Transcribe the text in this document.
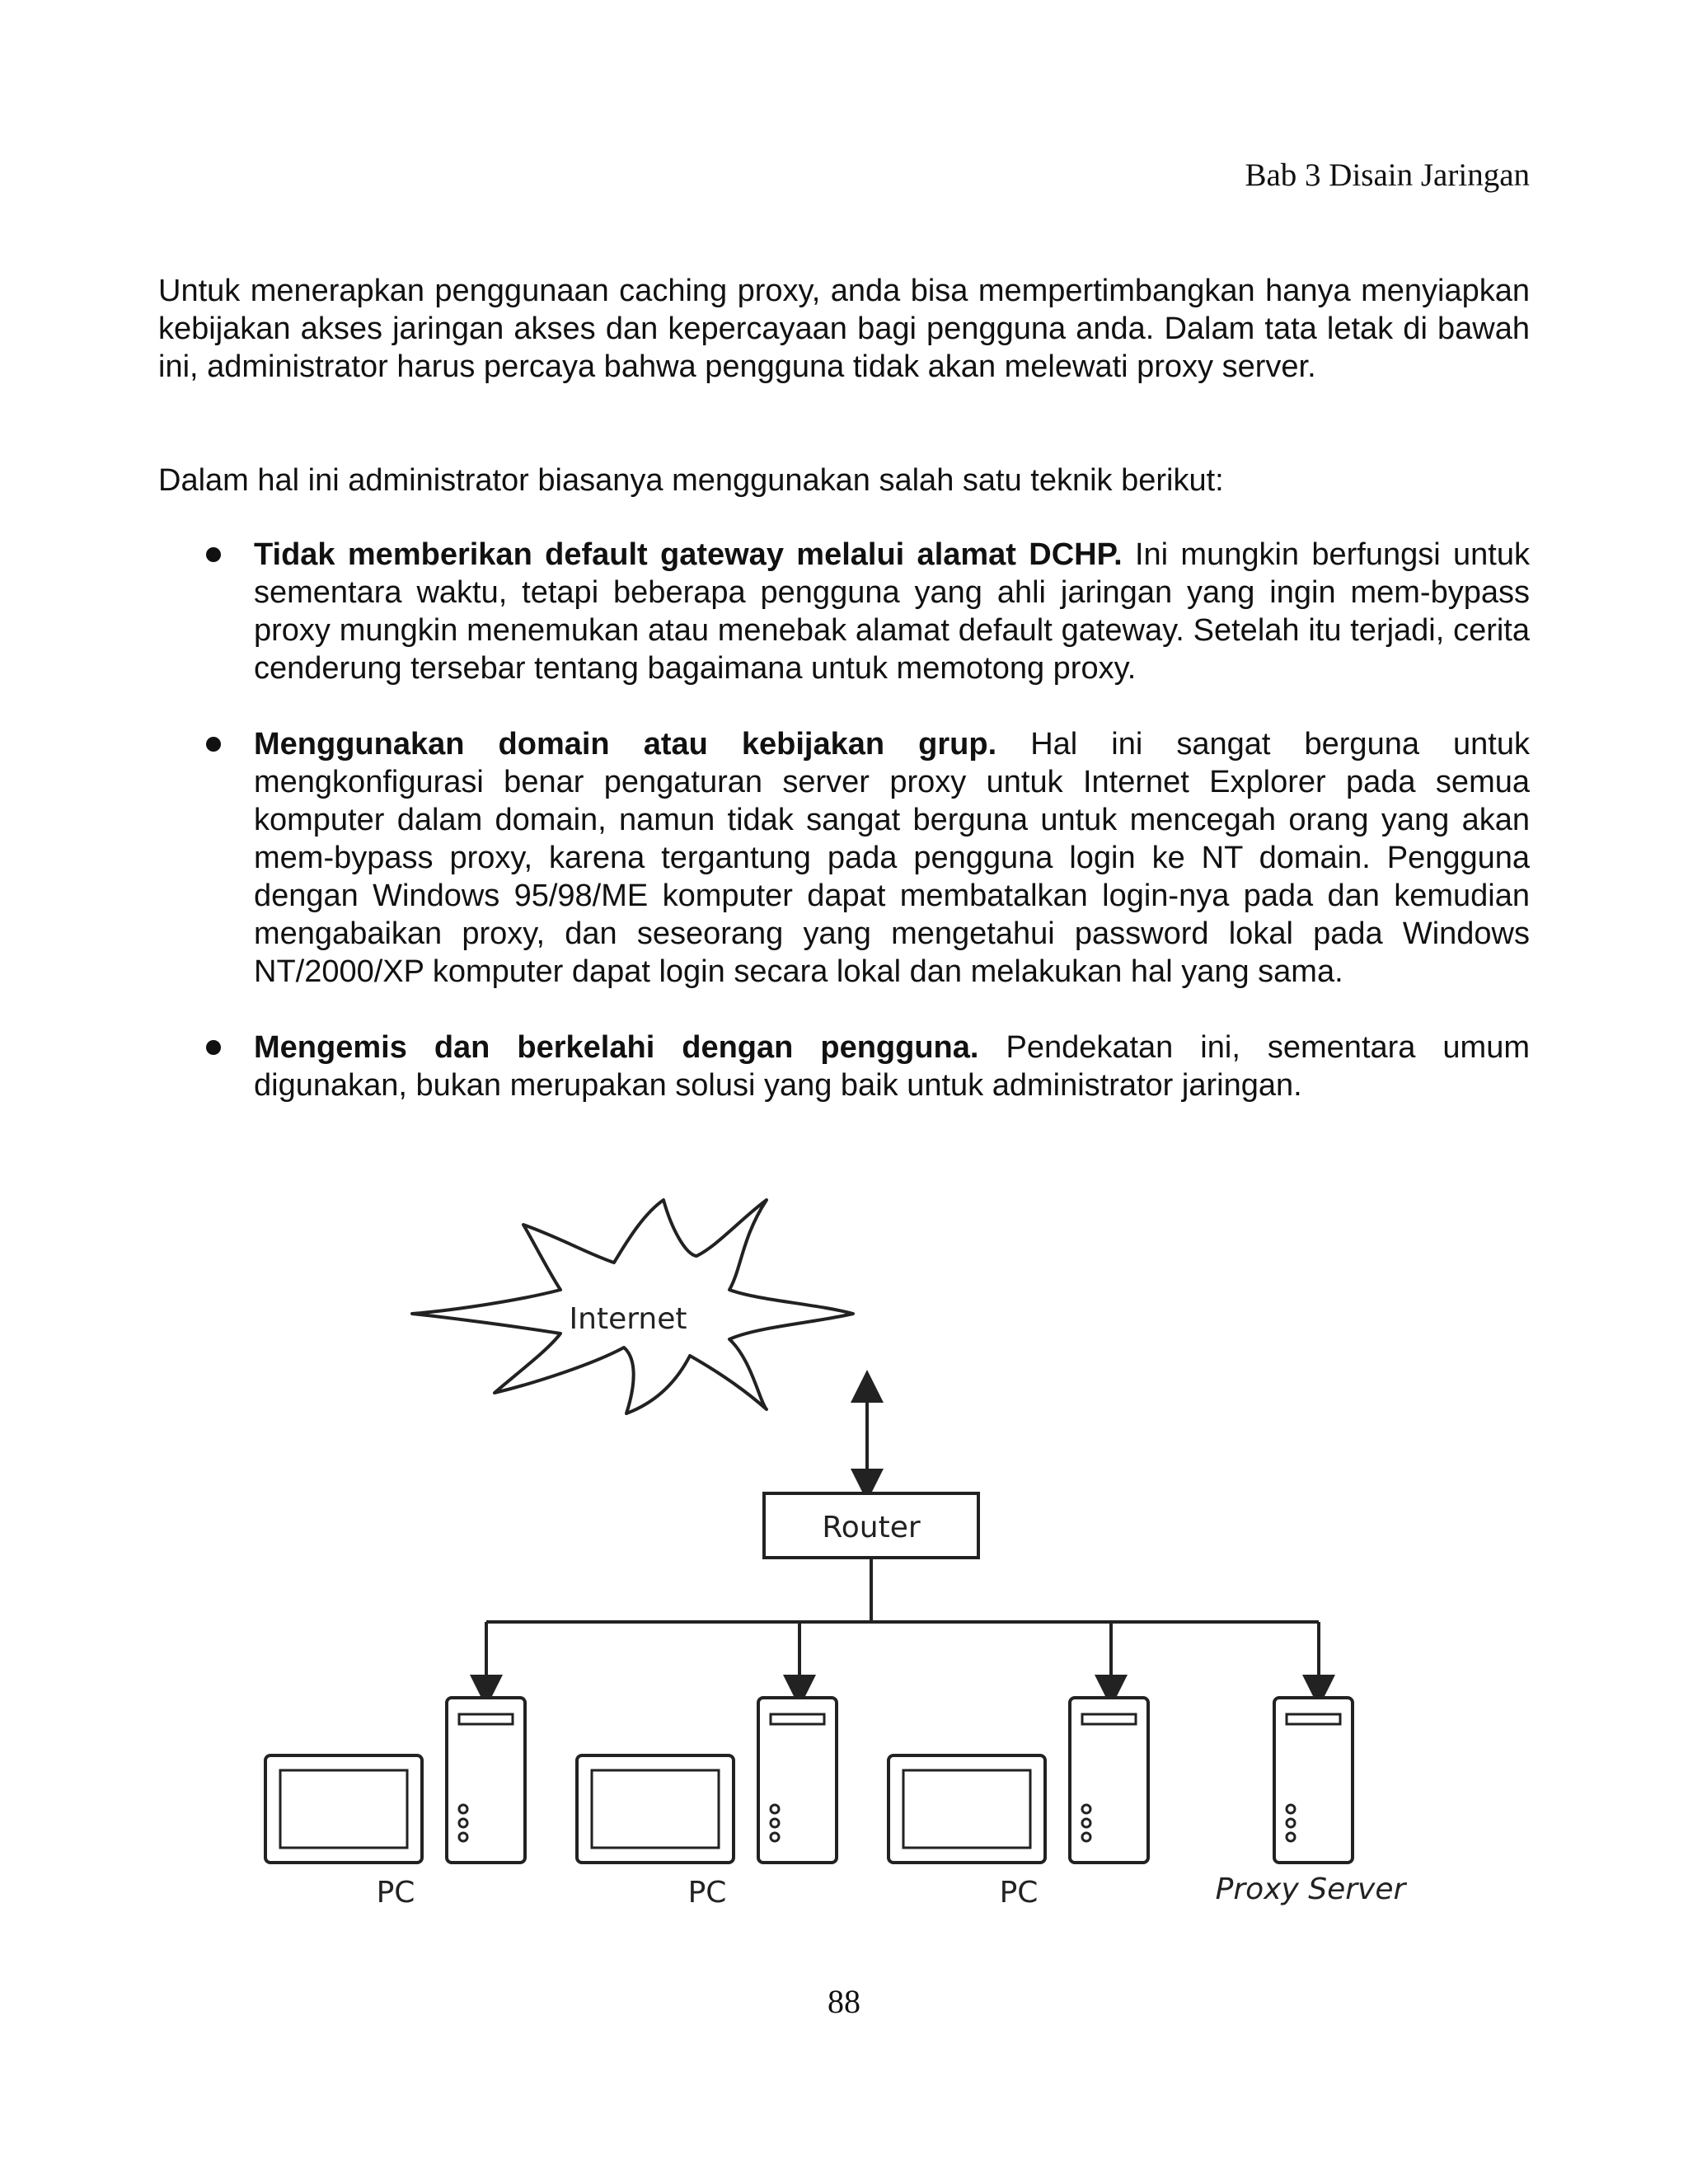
Bab 3 Disain Jaringan

Untuk menerapkan penggunaan caching proxy, anda bisa mempertimbangkan hanya menyiapkan kebijakan akses jaringan akses dan kepercayaan bagi pengguna anda. Dalam tata letak di bawah ini, administrator harus percaya bahwa pengguna tidak akan melewati proxy server.

Dalam hal ini administrator biasanya menggunakan salah satu teknik berikut:

Tidak memberikan default gateway melalui alamat DCHP. Ini mungkin berfungsi untuk sementara waktu, tetapi beberapa pengguna yang ahli jaringan yang ingin mem-bypass proxy mungkin menemukan atau menebak alamat default gateway. Setelah itu terjadi, cerita cenderung tersebar tentang bagaimana untuk memotong proxy.
Menggunakan domain atau kebijakan grup. Hal ini sangat berguna untuk mengkonfigurasi benar pengaturan server proxy untuk Internet Explorer pada semua komputer dalam domain, namun tidak sangat berguna untuk mencegah orang yang akan mem-bypass proxy, karena tergantung pada pengguna login ke NT domain. Pengguna dengan Windows 95/98/ME komputer dapat membatalkan login-nya pada dan kemudian mengabaikan proxy, dan seseorang yang mengetahui password lokal pada Windows NT/2000/XP komputer dapat login secara lokal dan melakukan hal yang sama.
Mengemis dan berkelahi dengan pengguna. Pendekatan ini, sementara umum digunakan, bukan merupakan solusi yang baik untuk administrator jaringan.
Internet
Router
PC	PC	PC	Proxy Server
88
